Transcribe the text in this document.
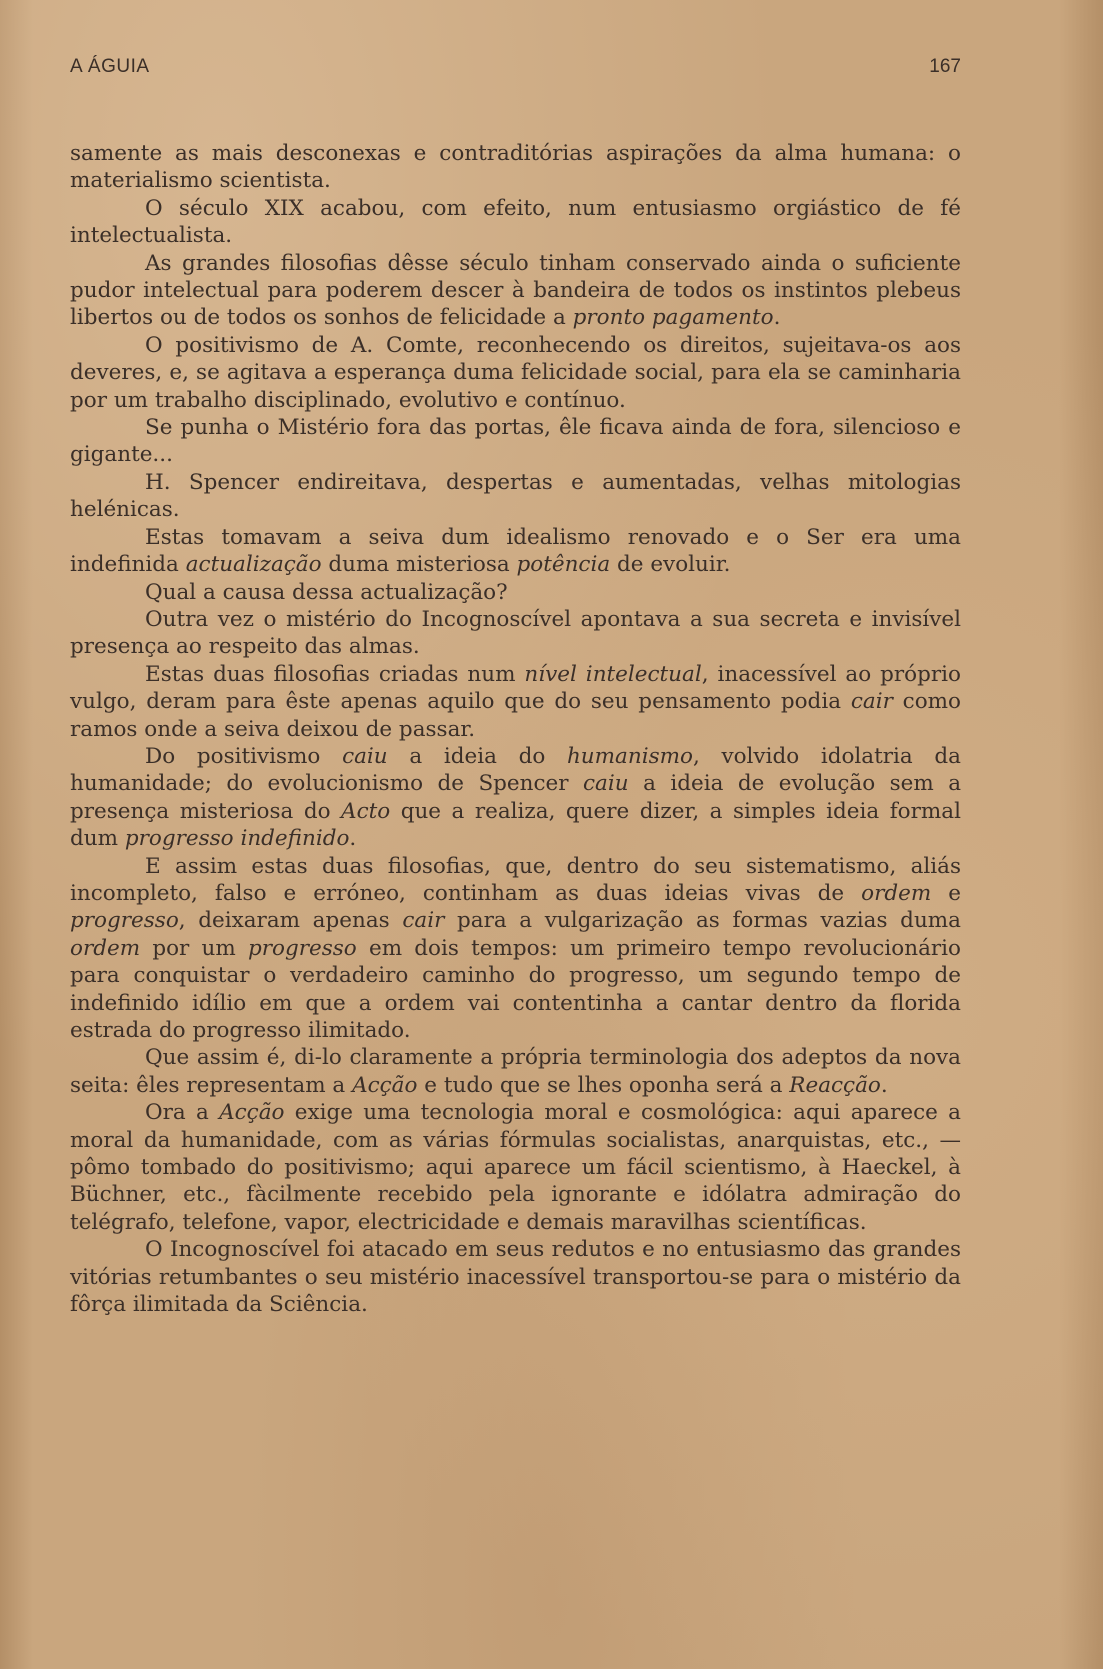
A ÁGUIA	167

samente as mais desconexas e contraditórias aspirações da alma humana: o materialismo scientista.

O século XIX acabou, com efeito, num entusiasmo orgiástico de fé intelectualista.

As grandes filosofias dêsse século tinham conservado ainda o suficiente pudor intelectual para poderem descer à bandeira de todos os instintos plebeus libertos ou de todos os sonhos de felicidade a pronto pagamento.

O positivismo de A. Comte, reconhecendo os direitos, sujeitava-os aos deveres, e, se agitava a esperança duma felicidade social, para ela se caminharia por um trabalho disciplinado, evolutivo e contínuo.

Se punha o Mistério fora das portas, êle ficava ainda de fora, silencioso e gigante...

H. Spencer endireitava, despertas e aumentadas, velhas mitologias helénicas.

Estas tomavam a seiva dum idealismo renovado e o Ser era uma indefinida actualização duma misteriosa potência de evoluir.

Qual a causa dessa actualização?

Outra vez o mistério do Incognoscível apontava a sua secreta e invisível presença ao respeito das almas.

Estas duas filosofias criadas num nível intelectual, inacessível ao próprio vulgo, deram para êste apenas aquilo que do seu pensamento podia cair como ramos onde a seiva deixou de passar.

Do positivismo caiu a ideia do humanismo, volvido idolatria da humanidade; do evolucionismo de Spencer caiu a ideia de evolução sem a presença misteriosa do Acto que a realiza, quere dizer, a simples ideia formal dum progresso indefinido.

E assim estas duas filosofias, que, dentro do seu sistematismo, aliás incompleto, falso e erróneo, continham as duas ideias vivas de ordem e progresso, deixaram apenas cair para a vulgarização as formas vazias duma ordem por um progresso em dois tempos: um primeiro tempo revolucionário para conquistar o verdadeiro caminho do progresso, um segundo tempo de indefinido idílio em que a ordem vai contentinha a cantar dentro da florida estrada do progresso ilimitado.

Que assim é, di-lo claramente a própria terminologia dos adeptos da nova seita: êles representam a Acção e tudo que se lhes oponha será a Reacção.

Ora a Acção exige uma tecnologia moral e cosmológica: aqui aparece a moral da humanidade, com as várias fórmulas socialistas, anarquistas, etc., — pômo tombado do positivismo; aqui aparece um fácil scientismo, à Haeckel, à Büchner, etc., fàcilmente recebido pela ignorante e idólatra admiração do telégrafo, telefone, vapor, electricidade e demais maravilhas scientíficas.

O Incognoscível foi atacado em seus redutos e no entusiasmo das grandes vitórias retumbantes o seu mistério inacessível transportou-se para o mistério da fôrça ilimitada da Sciência.
